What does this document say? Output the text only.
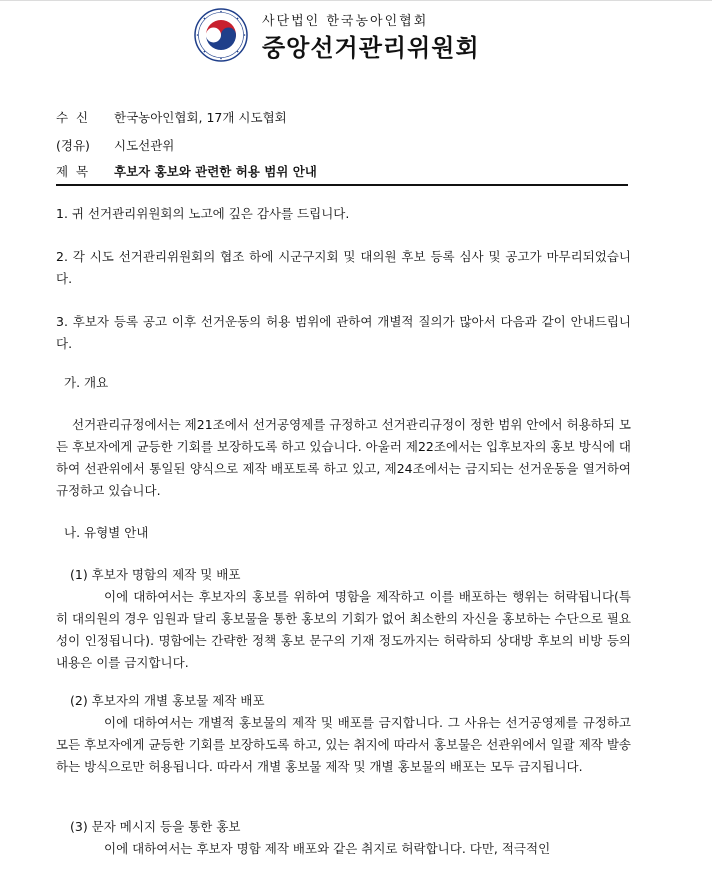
사단법인 한국농아인협회
중앙선거관리위원회
수  신 한국농아인협회, 17개 시도협회
(경유) 시도선관위
제  목 후보자 홍보와 관련한 허용 범위 안내
1. 귀 선거관리위원회의 노고에 깊은 감사를 드립니다.
2. 각 시도 선거관리위원회의 협조 하에 시군구지회 및 대의원 후보 등록 심사 및 공고가 마무리되었습니다.
3. 후보자 등록 공고 이후 선거운동의 허용 범위에 관하여 개별적 질의가 많아서 다음과 같이 안내드립니다.
가. 개요
선거관리규정에서는 제21조에서 선거공영제를 규정하고 선거관리규정이 정한 범위 안에서 허용하되 모든 후보자에게 균등한 기회를 보장하도록 하고 있습니다. 아울러 제22조에서는 입후보자의 홍보 방식에 대하여 선관위에서 통일된 양식으로 제작 배포토록 하고 있고, 제24조에서는 금지되는 선거운동을 열거하여 규정하고 있습니다.
나. 유형별 안내
(1) 후보자 명함의 제작 및 배포
이에 대하여서는 후보자의 홍보를 위하여 명함을 제작하고 이를 배포하는 행위는 허락됩니다(특히 대의원의 경우 임원과 달리 홍보물을 통한 홍보의 기회가 없어 최소한의 자신을 홍보하는 수단으로 필요성이 인정됩니다). 명함에는 간략한 정책 홍보 문구의 기재 정도까지는 허락하되 상대방 후보의 비방 등의 내용은 이를 금지합니다.
(2) 후보자의 개별 홍보물 제작 배포
이에 대하여서는 개별적 홍보물의 제작 및 배포를 금지합니다. 그 사유는 선거공영제를 규정하고 모든 후보자에게 균등한 기회를 보장하도록 하고, 있는 취지에 따라서 홍보물은 선관위에서 일괄 제작 발송하는 방식으로만 허용됩니다. 따라서 개별 홍보물 제작 및 개별 홍보물의 배포는 모두 금지됩니다.
(3) 문자 메시지 등을 통한 홍보
이에 대하여서는 후보자 명함 제작 배포와 같은 취지로 허락합니다. 다만, 적극적인
